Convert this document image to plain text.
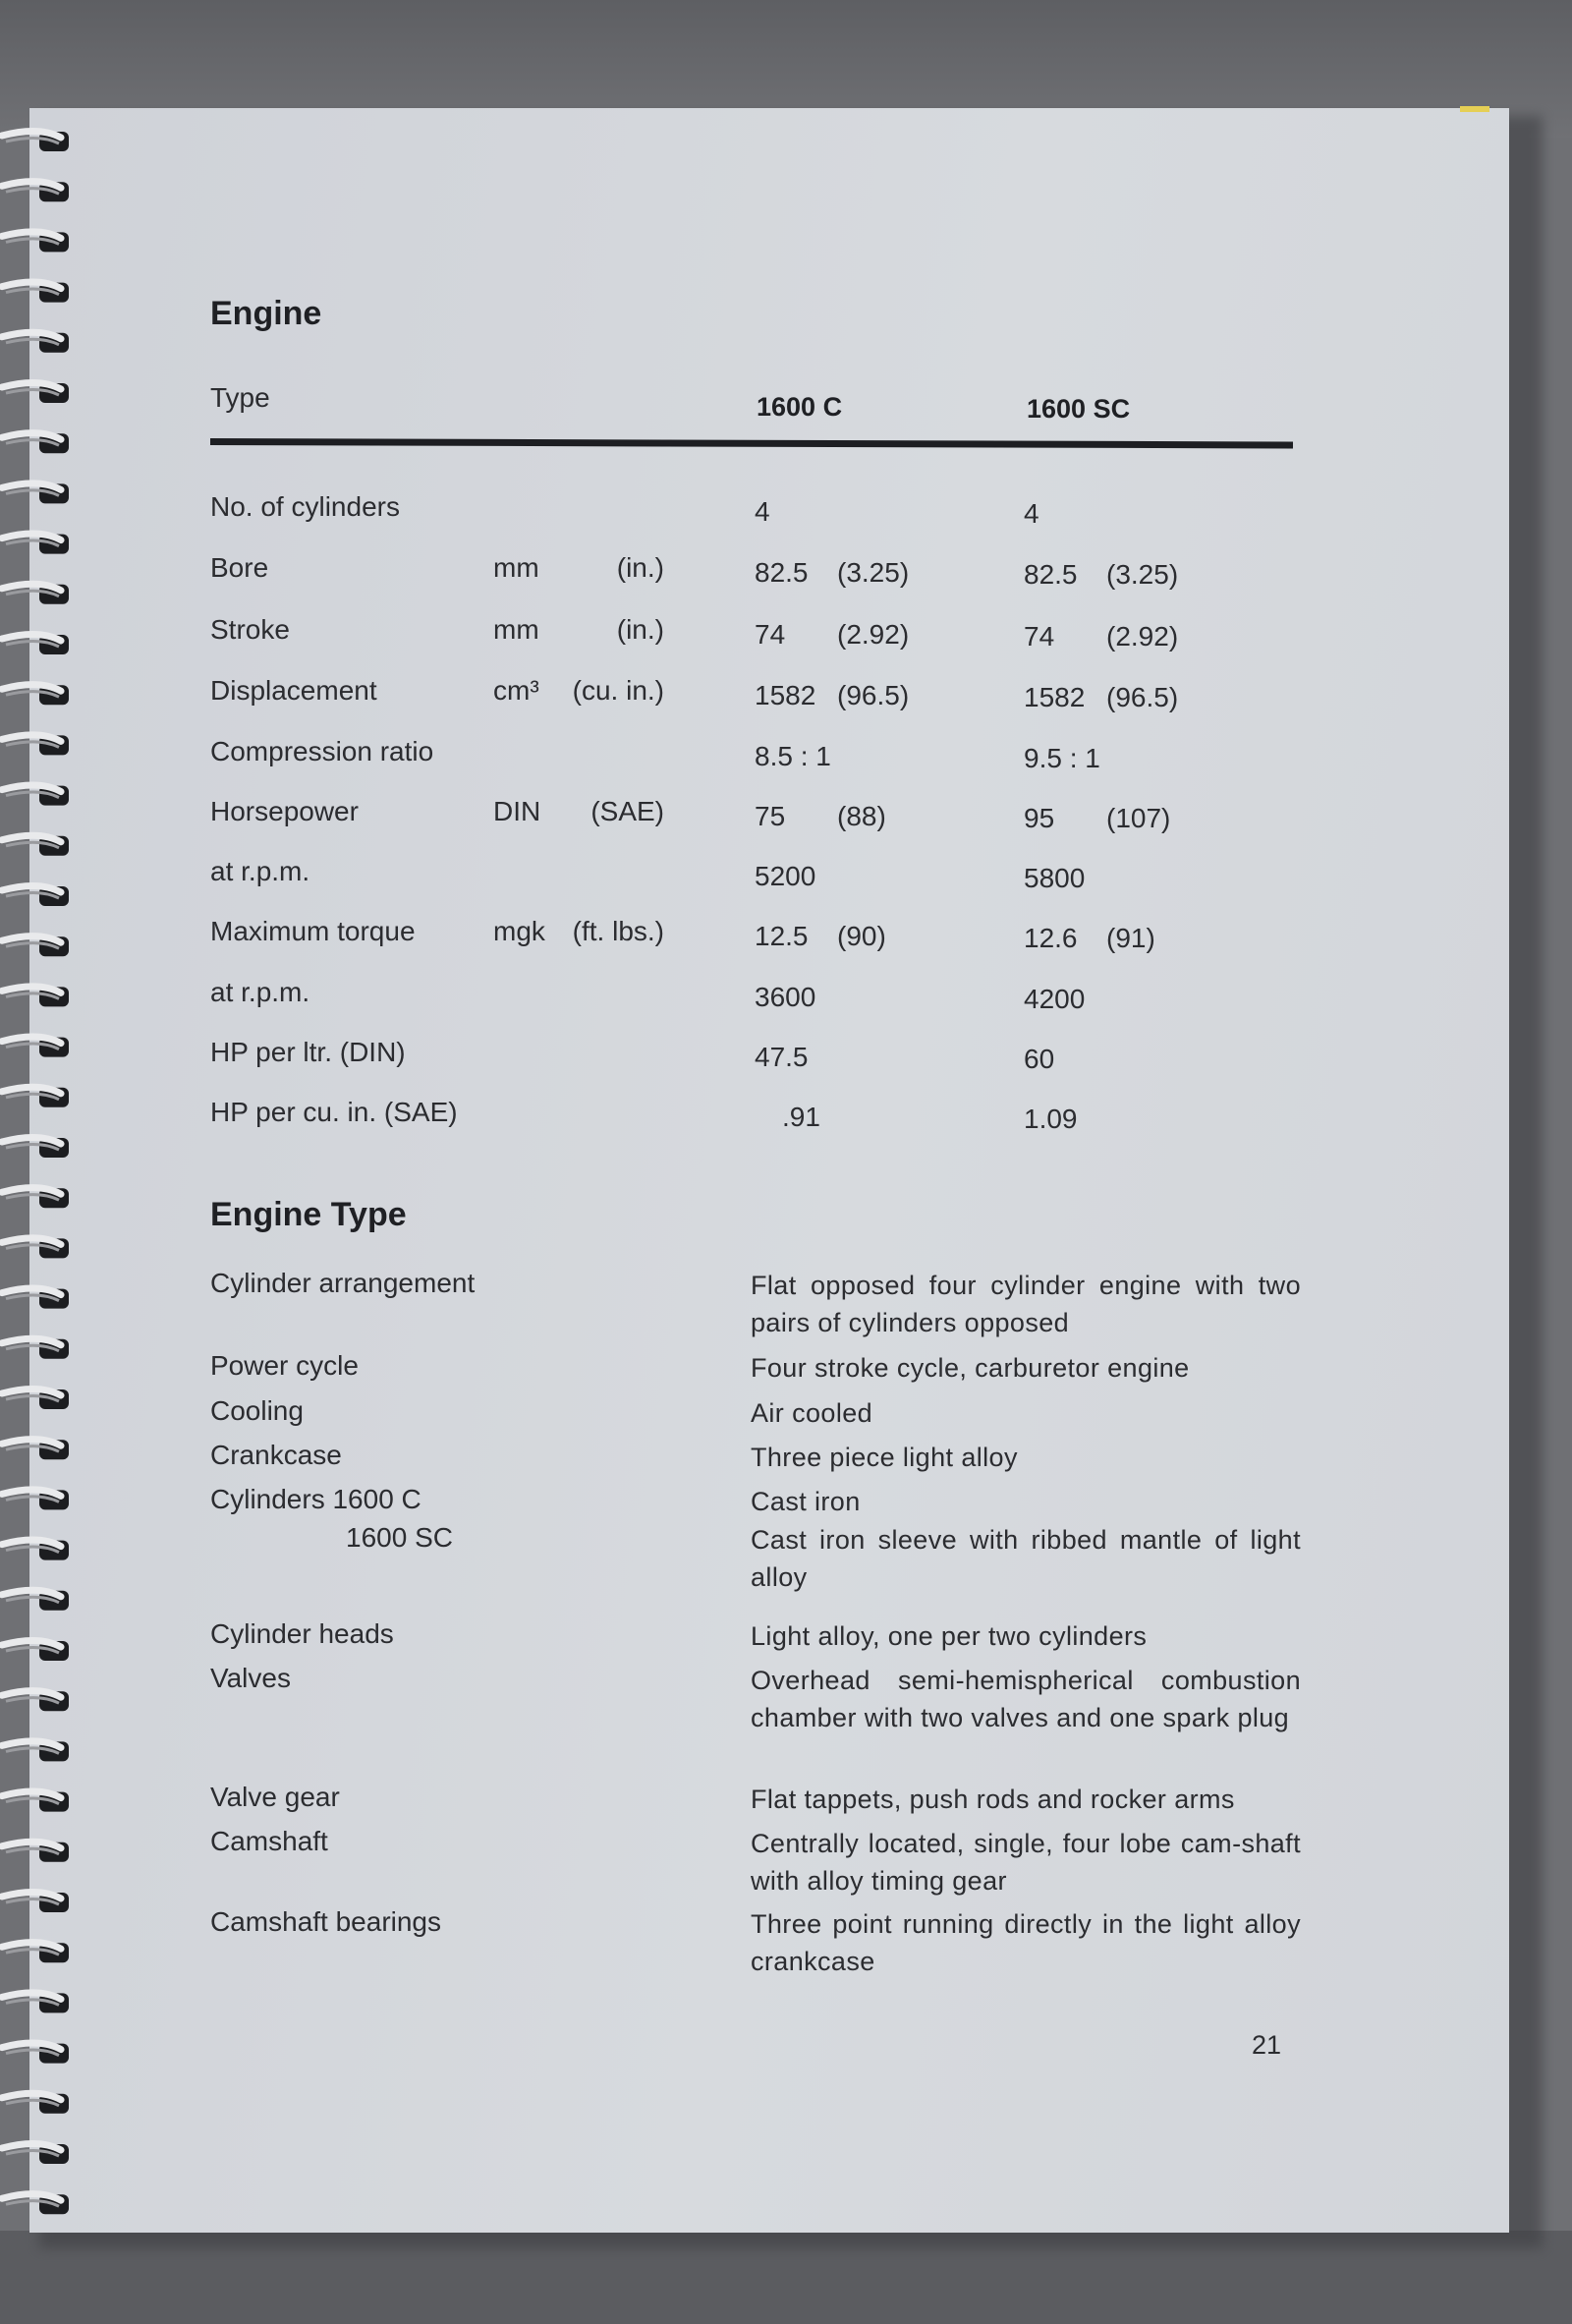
Engine
Type	1600 C	1600 SC
No. of cylinders	4	4
Bore	mm	(in.)	82.5 (3.25)	82.5 (3.25)
Stroke	mm	(in.)	74 (2.92)	74 (2.92)
Displacement	cm³	(cu. in.)	1582 (96.5)	1582 (96.5)
Compression ratio	8.5 : 1	9.5 : 1
Horsepower	DIN	(SAE)	75 (88)	95 (107)
at r.p.m.	5200	5800
Maximum torque	mgk (ft. lbs.)	12.5 (90)	12.6 (91)
at r.p.m.	3600	4200
HP per ltr. (DIN)	47.5	60
HP per cu. in. (SAE)	.91	1.09
Engine Type
Cylinder arrangement	Flat opposed four cylinder engine with two pairs of cylinders opposed
Power cycle	Four stroke cycle, carburetor engine
Cooling	Air cooled
Crankcase	Three piece light alloy
Cylinders 1600 C	Cast iron
1600 SC	Cast iron sleeve with ribbed mantle of light alloy
Cylinder heads	Light alloy, one per two cylinders
Valves	Overhead semi-hemispherical combustion chamber with two valves and one spark plug
Valve gear	Flat tappets, push rods and rocker arms
Camshaft	Centrally located, single, four lobe cam-shaft with alloy timing gear
Camshaft bearings	Three point running directly in the light alloy crankcase
21
